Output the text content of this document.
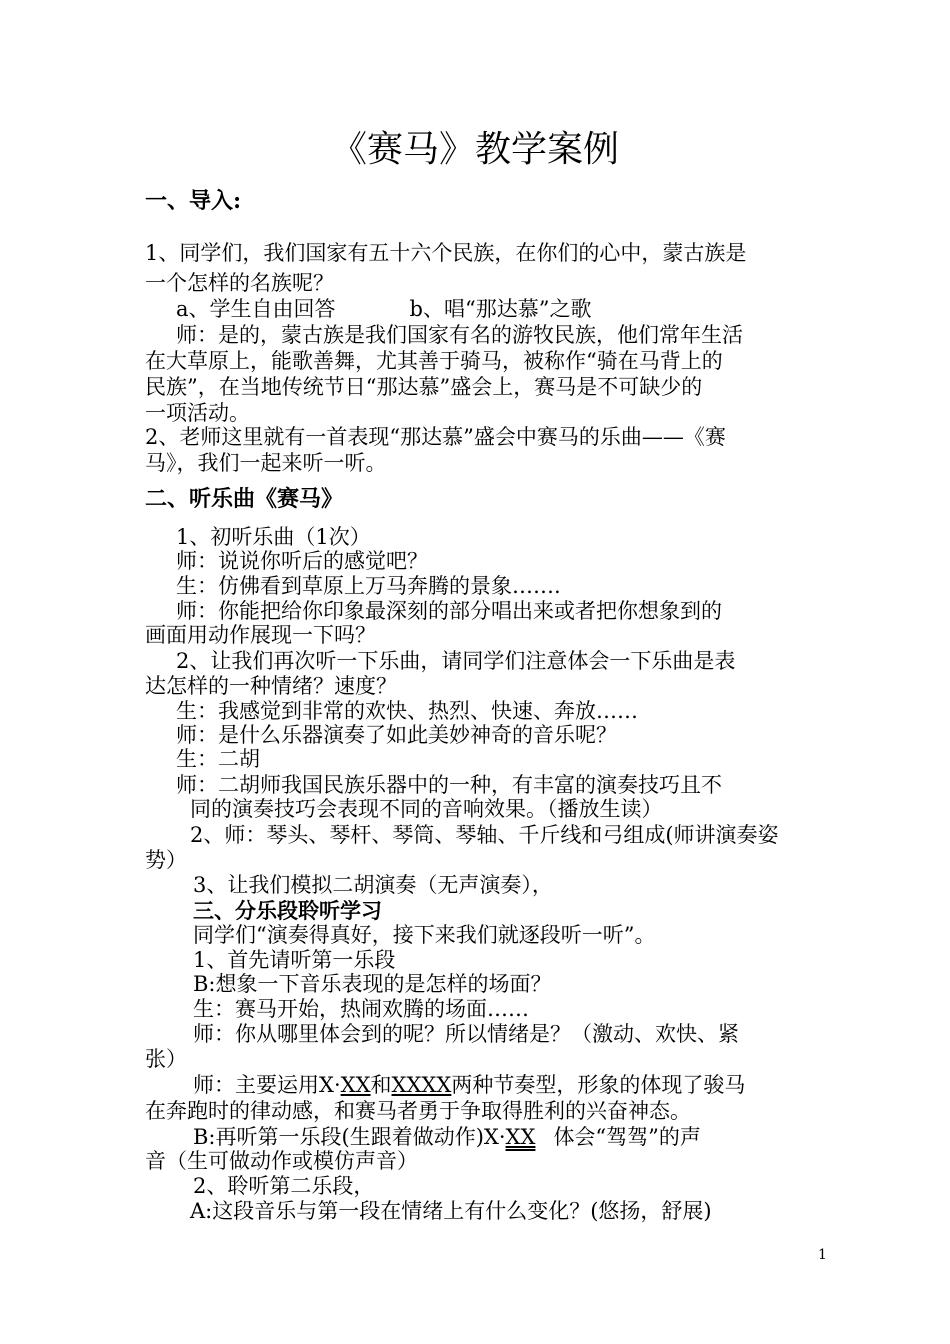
《赛马》教学案例
一、导入:

1、同学们，我们国家有五十六个民族，在你们的心中，蒙古族是

一个怎样的名族呢？

a、学生自由回答	b、唱“那达慕”之歌

师：是的，蒙古族是我们国家有名的游牧民族，他们常年生活

在大草原上，能歌善舞，尤其善于骑马，被称作“骑在马背上的

民族”，在当地传统节日“那达慕”盛会上，赛马是不可缺少的

一项活动。

2、老师这里就有一首表现“那达慕”盛会中赛马的乐曲——《赛

马》，我们一起来听一听。

二、听乐曲《赛马》

1、初听乐曲（1次）

师：说说你听后的感觉吧？

生：仿佛看到草原上万马奔腾的景象…….

师：你能把给你印象最深刻的部分唱出来或者把你想象到的

画面用动作展现一下吗？

2、让我们再次听一下乐曲，请同学们注意体会一下乐曲是表

达怎样的一种情绪？速度？

生：我感觉到非常的欢快、热烈、快速、奔放……

师：是什么乐器演奏了如此美妙神奇的音乐呢？

生：二胡

师：二胡师我国民族乐器中的一种，有丰富的演奏技巧且不

同的演奏技巧会表现不同的音响效果。（播放生读）

2、师：琴头、琴杆、琴筒、琴轴、千斤线和弓组成(师讲演奏姿

势）

3、让我们模拟二胡演奏（无声演奏），

三、分乐段聆听学习

同学们“演奏得真好，接下来我们就逐段听一听”。

1、首先请听第一乐段

B:想象一下音乐表现的是怎样的场面？

生：赛马开始，热闹欢腾的场面……

师：你从哪里体会到的呢？所以情绪是？（激动、欢快、紧

张）

师：主要运用X·XX和XXXX两种节奏型，形象的体现了骏马

在奔跑时的律动感，和赛马者勇于争取得胜利的兴奋神态。

B:再听第一乐段(生跟着做动作)X·XX 体会“驾驾”的声

音（生可做动作或模仿声音）

2、聆听第二乐段，

A:这段音乐与第一段在情绪上有什么变化？(悠扬，舒展)

1
